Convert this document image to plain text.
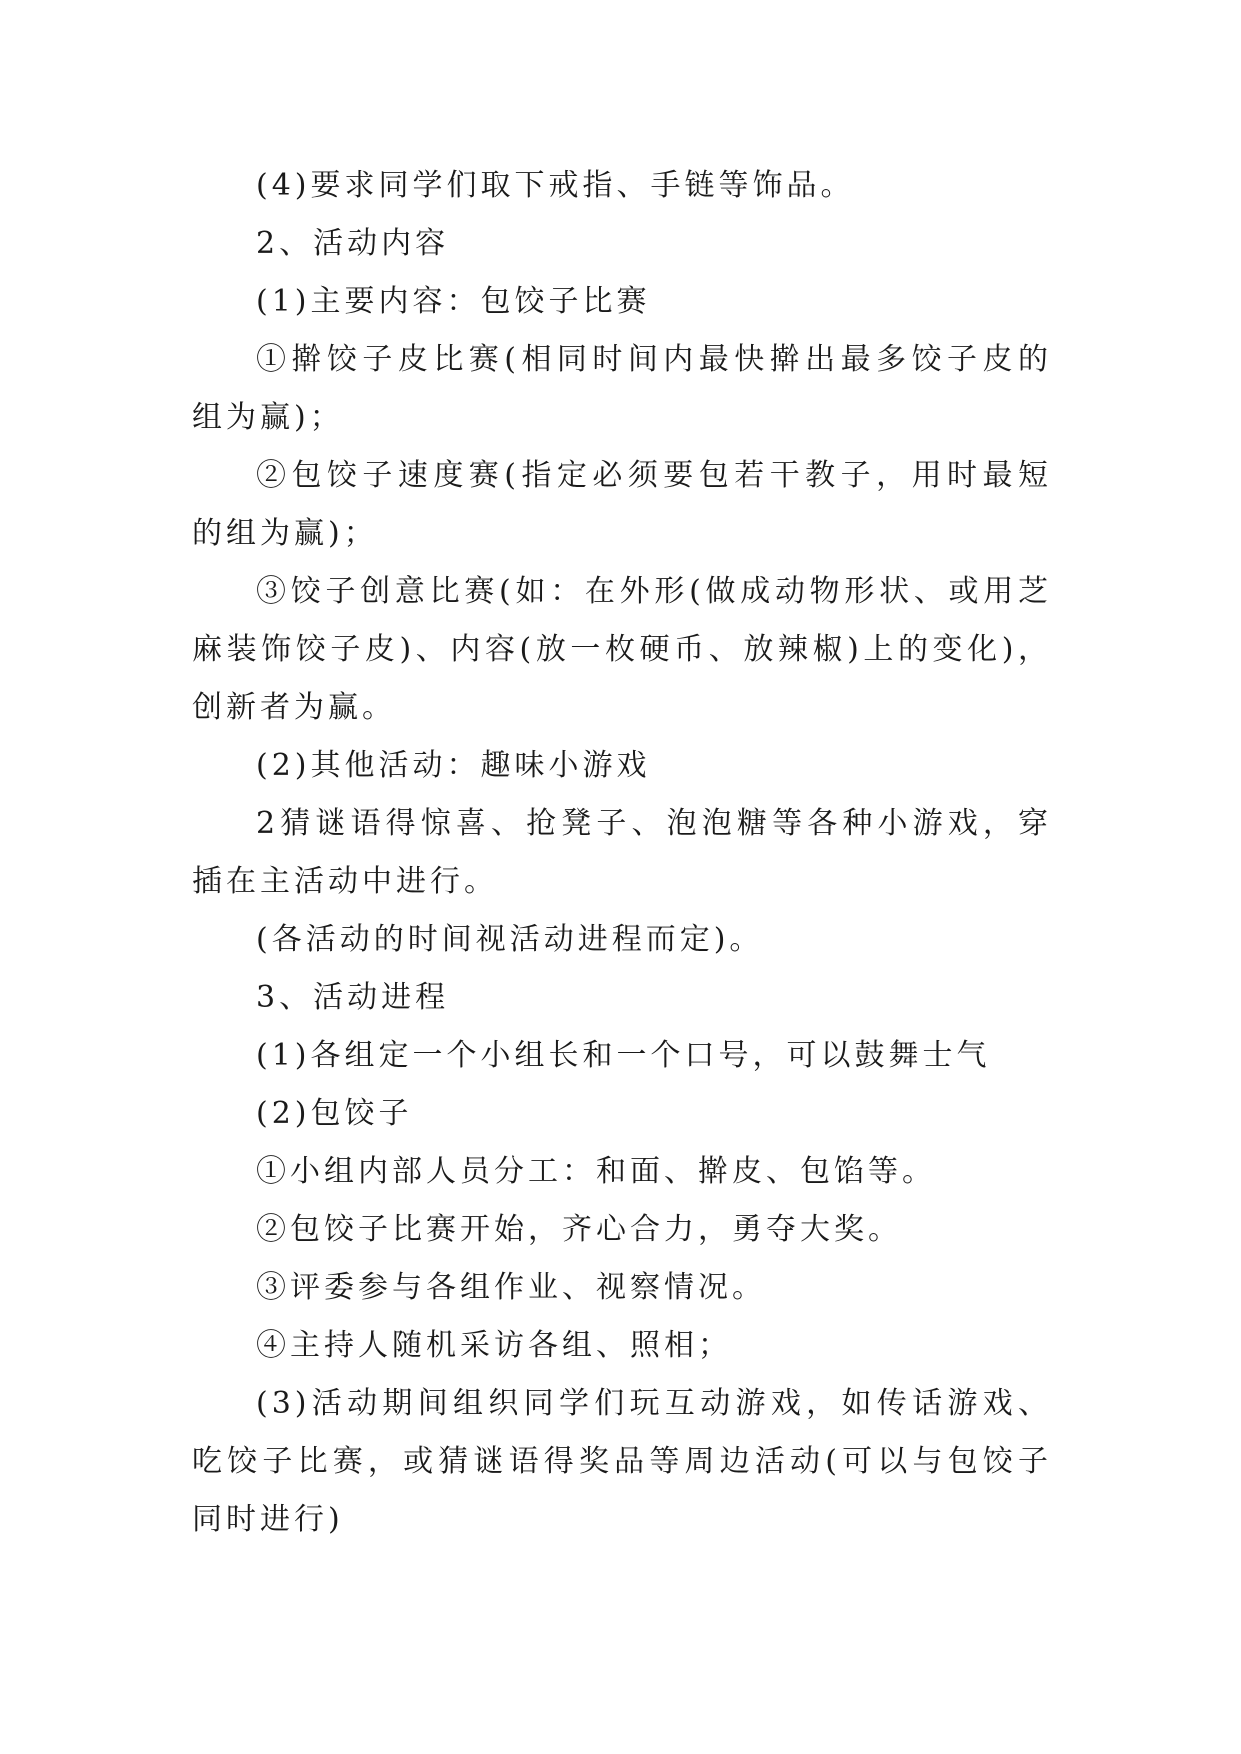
(4)要求同学们取下戒指、手链等饰品。

2、活动内容

(1)主要内容：包饺子比赛

①擀饺子皮比赛(相同时间内最快擀出最多饺子皮的组为赢)；

②包饺子速度赛(指定必须要包若干教子，用时最短的组为赢)；

③饺子创意比赛(如：在外形(做成动物形状、或用芝麻装饰饺子皮)、内容(放一枚硬币、放辣椒)上的变化)，创新者为赢。

(2)其他活动：趣味小游戏

2猜谜语得惊喜、抢凳子、泡泡糖等各种小游戏，穿插在主活动中进行。

(各活动的时间视活动进程而定)。

3、活动进程

(1)各组定一个小组长和一个口号，可以鼓舞士气

(2)包饺子

①小组内部人员分工：和面、擀皮、包馅等。

②包饺子比赛开始，齐心合力，勇夺大奖。

③评委参与各组作业、视察情况。

④主持人随机采访各组、照相；

(3)活动期间组织同学们玩互动游戏，如传话游戏、吃饺子比赛，或猜谜语得奖品等周边活动(可以与包饺子同时进行)
